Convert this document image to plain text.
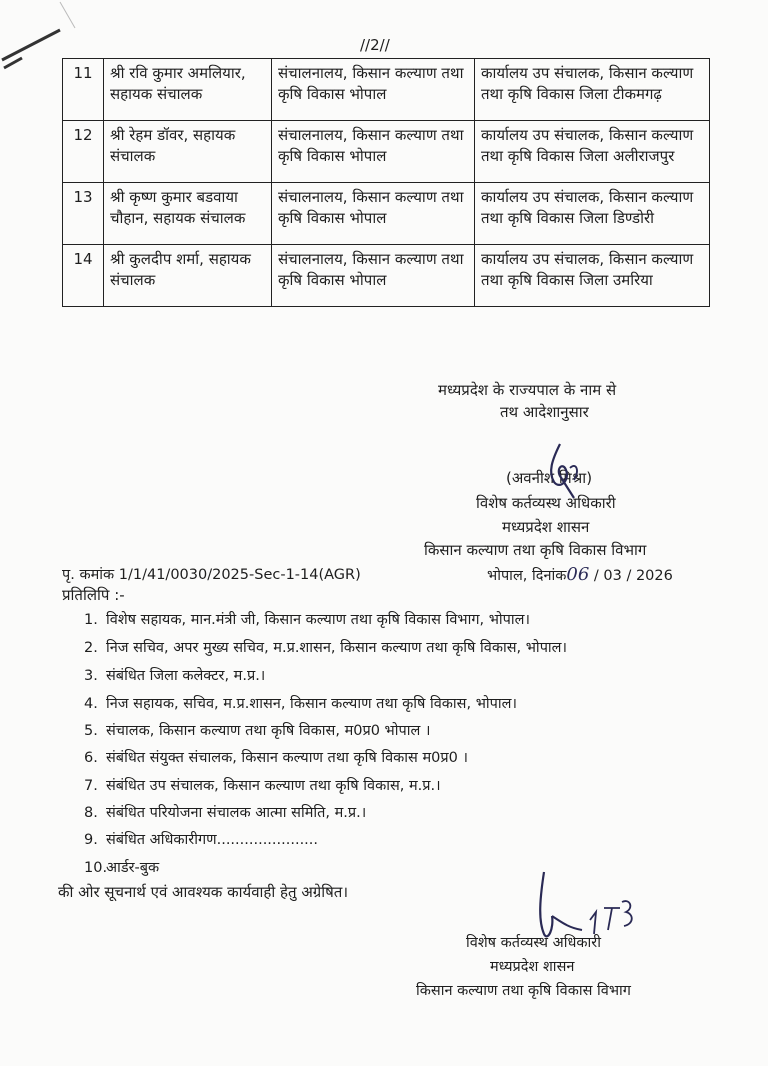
//2//
11	श्री रवि कुमार अमलियार, सहायक संचालक	संचालनालय, किसान कल्याण तथा कृषि विकास भोपाल	कार्यालय उप संचालक, किसान कल्याण तथा कृषि विकास जिला टीकमगढ़
12	श्री रेहम डॉवर, सहायक संचालक	संचालनालय, किसान कल्याण तथा कृषि विकास भोपाल	कार्यालय उप संचालक, किसान कल्याण तथा कृषि विकास जिला अलीराजपुर
13	श्री कृष्ण कुमार बडवाया चौहान, सहायक संचालक	संचालनालय, किसान कल्याण तथा कृषि विकास भोपाल	कार्यालय उप संचालक, किसान कल्याण तथा कृषि विकास जिला डिण्डोरी
14	श्री कुलदीप शर्मा, सहायक संचालक	संचालनालय, किसान कल्याण तथा कृषि विकास भोपाल	कार्यालय उप संचालक, किसान कल्याण तथा कृषि विकास जिला उमरिया
मध्यप्रदेश के राज्यपाल के नाम से
तथ आदेशानुसार
(अवनीश मिश्रा)
विशेष कर्तव्यस्थ अधिकारी
मध्यप्रदेश शासन
किसान कल्याण तथा कृषि विकास विभाग
पृ. कमांक 1/1/41/0030/2025-Sec-1-14(AGR)	भोपाल, दिनांक06 / 03 / 2026
प्रतिलिपि :-
1. विशेष सहायक, मान.मंत्री जी, किसान कल्याण तथा कृषि विकास विभाग, भोपाल।
2. निज सचिव, अपर मुख्य सचिव, म.प्र.शासन, किसान कल्याण तथा कृषि विकास, भोपाल।
3. संबंधित जिला कलेक्टर, म.प्र.।
4. निज सहायक, सचिव, म.प्र.शासन, किसान कल्याण तथा कृषि विकास, भोपाल।
5. संचालक, किसान कल्याण तथा कृषि विकास, म0प्र0 भोपाल ।
6. संबंधित संयुक्त संचालक, किसान कल्याण तथा कृषि विकास म0प्र0 ।
7. संबंधित उप संचालक, किसान कल्याण तथा कृषि विकास, म.प्र.।
8. संबंधित परियोजना संचालक आत्मा समिति, म.प्र.।
9. संबंधित अधिकारीगण......................
10.आर्डर-बुक
की ओर सूचनार्थ एवं आवश्यक कार्यवाही हेतु अग्रेषित।
विशेष कर्तव्यस्थ अधिकारी
मध्यप्रदेश शासन
किसान कल्याण तथा कृषि विकास विभाग
